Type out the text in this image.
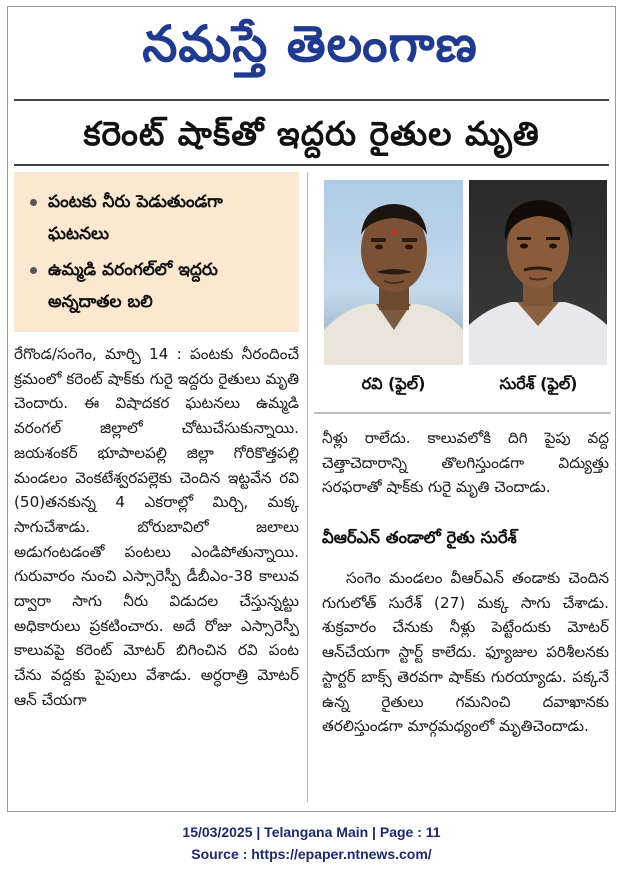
నమస్తే తెలంగాణ
కరెంట్ షాక్‌తో ఇద్దరు రైతుల మృతి
పంటకు నీరు పెడుతుండగా ఘటనలు
ఉమ్మడి వరంగల్‌లో ఇద్దరు అన్నదాతల బలి
రేగొండ/సంగెం, మార్చి 14 : పంటకు నీరందించే క్రమంలో కరెంట్ షాక్‌కు గురై ఇద్దరు రైతులు మృతి చెందారు. ఈ విషాదకర ఘటనలు ఉమ్మడి వరంగల్ జిల్లాలో చోటుచేసుకున్నాయి. జయశంకర్ భూపాలపల్లి జిల్లా గోరికొత్తపల్లి మండలం వెంకటేశ్వరపల్లెకు చెందిన ఇట్టవేన రవి (50)తనకున్న 4 ఎకరాల్లో మిర్చి, మక్క సాగుచేశాడు. బోరుబావిలో జలాలు అడుగంటడంతో పంటలు ఎండిపోతున్నాయి. గురువారం నుంచి ఎస్సారెస్పీ డీబీఎం-38 కాలువ ద్వారా సాగు నీరు విడుదల చేస్తున్నట్టు అధికారులు ప్రకటించారు. అదే రోజు ఎస్సారెస్పీ కాలువపై కరెంట్ మోటర్ బిగించిన రవి పంట చేను వద్దకు పైపులు వేశాడు. అర్ధరాత్రి మోటర్ ఆన్ చేయగా
రవి (ఫైల్)	సురేశ్ (ఫైల్)
నీళ్లు రాలేదు. కాలువలోకి దిగి పైపు వద్ద చెత్తాచెదారాన్ని తొలగిస్తుండగా విద్యుత్తు సరఫరాతో షాక్‌కు గురై మృతి చెందాడు.
వీఆర్ఎన్ తండాలో రైతు సురేశ్
సంగెం మండలం వీఆర్ఎన్ తండాకు చెందిన గుగులోత్ సురేశ్ (27) మక్క సాగు చేశాడు. శుక్రవారం చేనుకు నీళ్లు పెట్టేందుకు మోటర్ ఆన్‌చేయగా స్టార్ట్ కాలేదు. ఫ్యూజుల పరిశీలనకు స్టార్టర్ బాక్స్ తెరవగా షాక్‌కు గురయ్యాడు. పక్కనే ఉన్న రైతులు గమనించి దవాఖానకు తరలిస్తుండగా మార్గమధ్యంలో మృతిచెందాడు.
15/03/2025 | Telangana Main | Page : 11
Source : https://epaper.ntnews.com/
